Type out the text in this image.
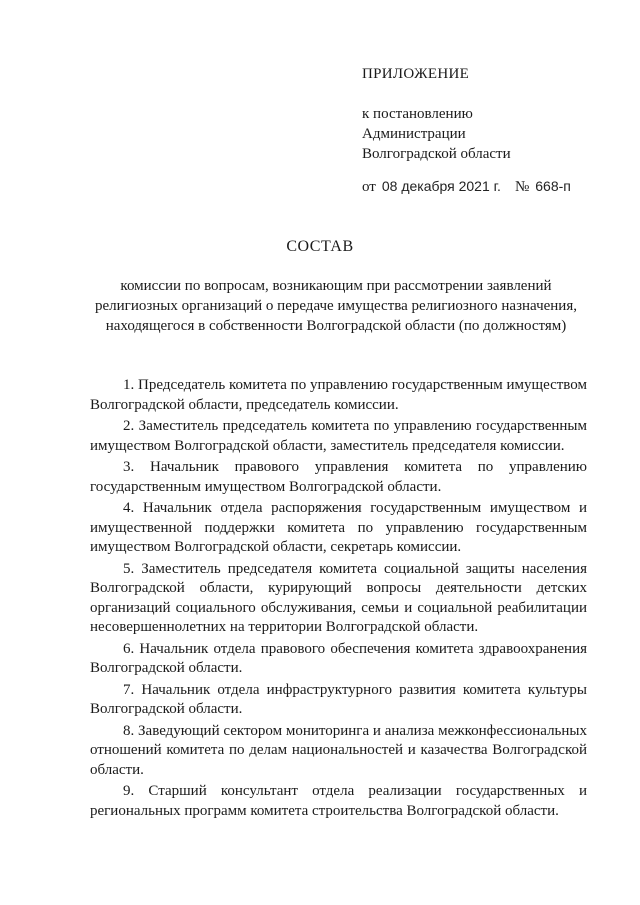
ПРИЛОЖЕНИЕ
к постановлению
Администрации
Волгоградской области
от 08 декабря 2021 г. № 668-п
СОСТАВ
комиссии по вопросам, возникающим при рассмотрении заявлений
религиозных организаций о передаче имущества религиозного назначения,
находящегося в собственности Волгоградской области (по должностям)

1. Председатель комитета по управлению государственным имуществом Волгоградской области, председатель комиссии.

2. Заместитель председатель комитета по управлению государственным имуществом Волгоградской области, заместитель председателя комиссии.

3. Начальник правового управления комитета по управлению государственным имуществом Волгоградской области.

4. Начальник отдела распоряжения государственным имуществом и имущественной поддержки комитета по управлению государственным имуществом Волгоградской области, секретарь комиссии.

5. Заместитель председателя комитета социальной защиты населения Волгоградской области, курирующий вопросы деятельности детских организаций социального обслуживания, семьи и социальной реабилитации несовершеннолетних на территории Волгоградской области.

6. Начальник отдела правового обеспечения комитета здравоохранения Волгоградской области.

7. Начальник отдела инфраструктурного развития комитета культуры Волгоградской области.

8. Заведующий сектором мониторинга и анализа межконфессиональных отношений комитета по делам национальностей и казачества Волгоградской области.

9. Старший консультант отдела реализации государственных и региональных программ комитета строительства Волгоградской области.
